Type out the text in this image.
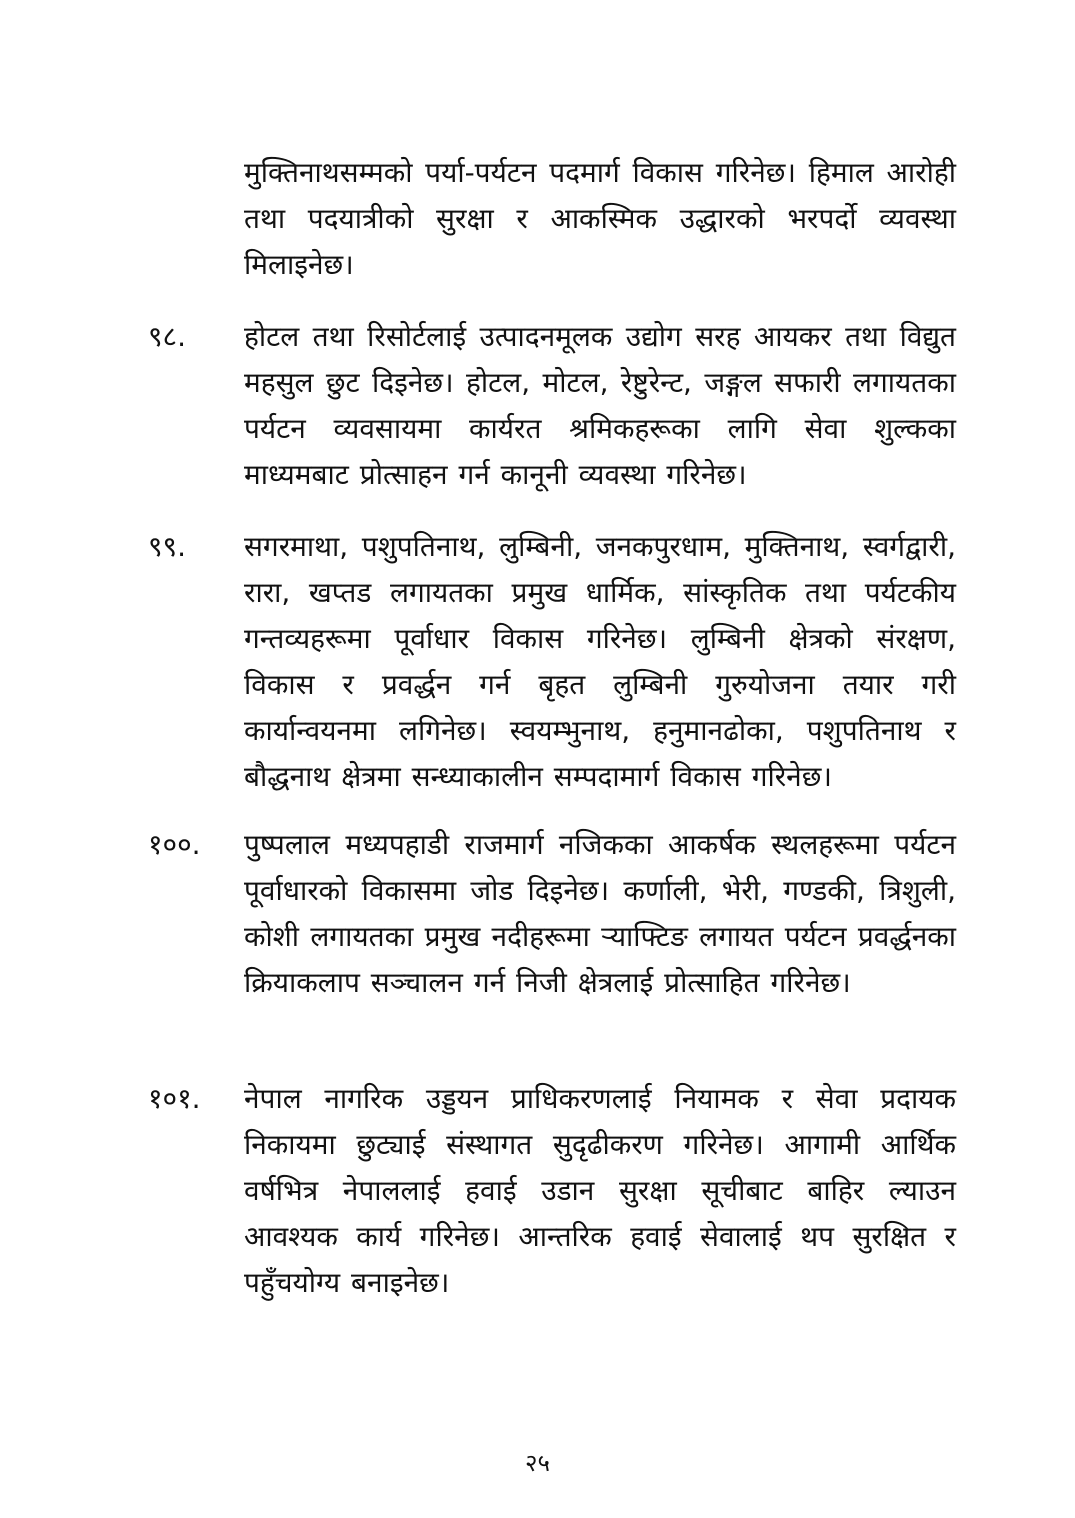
मुक्तिनाथसम्मको पर्या-पर्यटन पदमार्ग विकास गरिनेछ। हिमाल आरोही तथा पदयात्रीको सुरक्षा र आकस्मिक उद्धारको भरपर्दो व्यवस्था मिलाइनेछ।
९८. होटल तथा रिसोर्टलाई उत्पादनमूलक उद्योग सरह आयकर तथा विद्युत महसुल छुट दिइनेछ। होटल, मोटल, रेष्टुरेन्ट, जङ्गल सफारी लगायतका पर्यटन व्यवसायमा कार्यरत श्रमिकहरूका लागि सेवा शुल्कका माध्यमबाट प्रोत्साहन गर्न कानूनी व्यवस्था गरिनेछ।
९९. सगरमाथा, पशुपतिनाथ, लुम्बिनी, जनकपुरधाम, मुक्तिनाथ, स्वर्गद्वारी, रारा, खप्तड लगायतका प्रमुख धार्मिक, सांस्कृतिक तथा पर्यटकीय गन्तव्यहरूमा पूर्वाधार विकास गरिनेछ। लुम्बिनी क्षेत्रको संरक्षण, विकास र प्रवर्द्धन गर्न बृहत लुम्बिनी गुरुयोजना तयार गरी कार्यान्वयनमा लगिनेछ। स्वयम्भुनाथ, हनुमानढोका, पशुपतिनाथ र बौद्धनाथ क्षेत्रमा सन्ध्याकालीन सम्पदामार्ग विकास गरिनेछ।
१००. पुष्पलाल मध्यपहाडी राजमार्ग नजिकका आकर्षक स्थलहरूमा पर्यटन पूर्वाधारको विकासमा जोड दिइनेछ। कर्णाली, भेरी, गण्डकी, त्रिशुली, कोशी लगायतका प्रमुख नदीहरूमा र्‍याफ्टिङ लगायत पर्यटन प्रवर्द्धनका क्रियाकलाप सञ्चालन गर्न निजी क्षेत्रलाई प्रोत्साहित गरिनेछ।
१०१. नेपाल नागरिक उड्डयन प्राधिकरणलाई नियामक र सेवा प्रदायक निकायमा छुट्याई संस्थागत सुदृढीकरण गरिनेछ। आगामी आर्थिक वर्षभित्र नेपाललाई हवाई उडान सुरक्षा सूचीबाट बाहिर ल्याउन आवश्यक कार्य गरिनेछ। आन्तरिक हवाई सेवालाई थप सुरक्षित र पहुँचयोग्य बनाइनेछ।
२५
